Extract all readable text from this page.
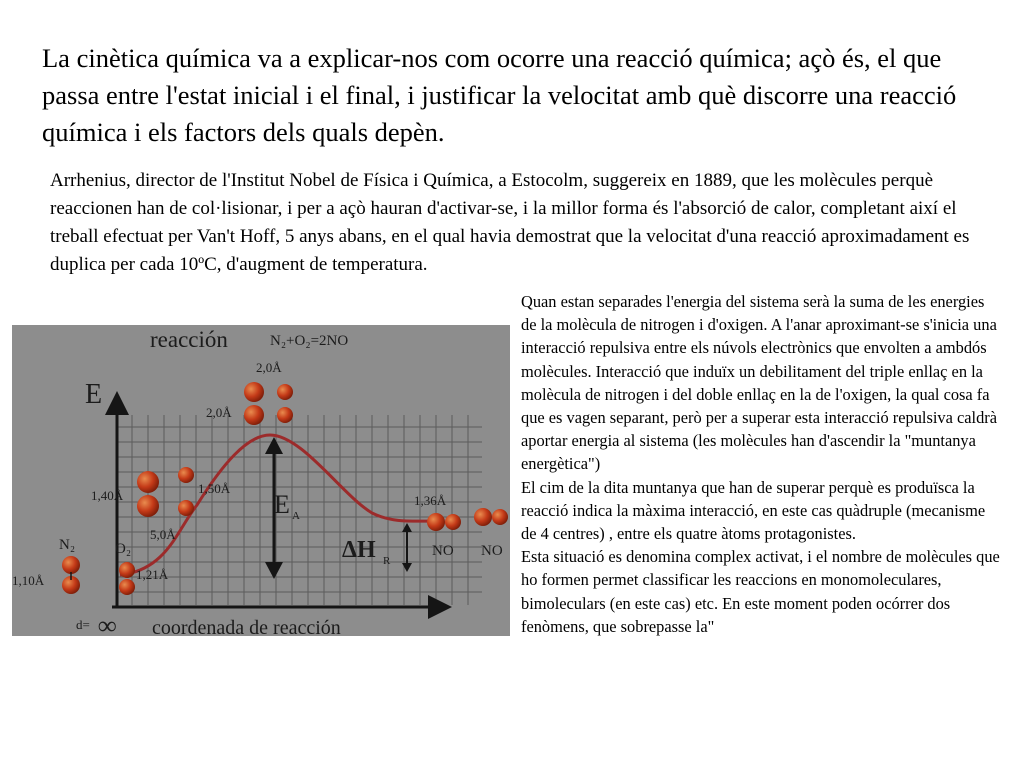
La cinètica química va a explicar-nos com ocorre una reacció química; açò és, el que passa entre l'estat inicial i el final, i justificar la velocitat amb què discorre una reacció química i els factors dels quals depèn.

Arrhenius, director de l'Institut Nobel de Física i Química, a Estocolm, suggereix en 1889, que les molècules perquè reaccionen han de col·lisionar, i per a açò hauran d'activar-se, i la millor forma és l'absorció de calor, completant així el treball efectuat per Van't Hoff, 5 anys abans, en el qual havia demostrat que la velocitat d'una reacció aproximadament es duplica per cada 10ºC, d'augment de temperatura.

Quan estan separades l'energia del sistema serà la suma de les energies de la molècula de nitrogen i d'oxigen. A l'anar aproximant-se s'inicia una interacció repulsiva entre els núvols electrònics que envolten a ambdós molècules. Interacció que induïx un debilitament del triple enllaç en la molècula de nitrogen i del doble enllaç en la de l'oxigen, la qual cosa fa que es vagen separant, però per a superar esta interacció repulsiva caldrà aportar energia al sistema (les molècules han d'ascendir la "muntanya energètica")

El cim de la dita muntanya que han de superar perquè es produïsca la reacció indica la màxima interacció, en este cas quàdruple (mecanisme de 4 centres) , entre els quatre àtoms protagonistes.

Esta situació es denomina complex activat, i el nombre de molècules que ho formen permet classificar les reaccions en monomoleculares, bimoleculars (en este cas) etc. En este moment poden ocórrer dos fenòmens, que sobrepasse la"

reacción	N₂+O₂=2NO
E
coordenada de reacción
d= ∞
E A
ΔH R
N₂	O₂	NO NO
1,10Å	1,21Å
1,40Å	1,50Å
5,0Å
2,0Å
2,0Å
1,36Å
